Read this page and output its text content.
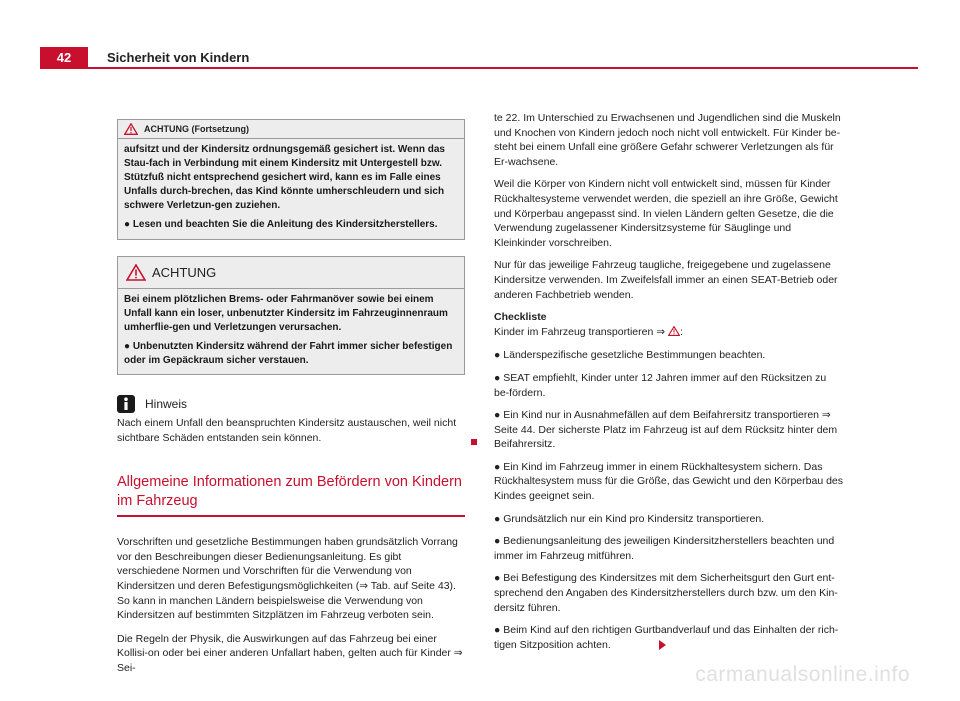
42	Sicherheit von Kindern
ACHTUNG (Fortsetzung)

aufsitzt und der Kindersitz ordnungsgemäß gesichert ist. Wenn das Stau-fach in Verbindung mit einem Kindersitz mit Untergestell bzw. Stützfuß nicht entsprechend gesichert wird, kann es im Falle eines Unfalls durch-brechen, das Kind könnte umherschleudern und sich schwere Verletzun-gen zuziehen.

● Lesen und beachten Sie die Anleitung des Kindersitzherstellers.

ACHTUNG

Bei einem plötzlichen Brems- oder Fahrmanöver sowie bei einem Unfall kann ein loser, unbenutzter Kindersitz im Fahrzeuginnenraum umherflie-gen und Verletzungen verursachen.

● Unbenutzten Kindersitz während der Fahrt immer sicher befestigen oder im Gepäckraum sicher verstauen.

Hinweis
Nach einem Unfall den beanspruchten Kindersitz austauschen, weil nicht sichtbare Schäden entstanden sein können.
Allgemeine Informationen zum Befördern von Kindern im Fahrzeug

Vorschriften und gesetzliche Bestimmungen haben grundsätzlich Vorrang vor den Beschreibungen dieser Bedienungsanleitung. Es gibt verschiedene Normen und Vorschriften für die Verwendung von Kindersitzen und deren Befestigungsmöglichkeiten (⇒ Tab. auf Seite 43). So kann in manchen Ländern beispielsweise die Verwendung von Kindersitzen auf bestimmten Sitzplätzen im Fahrzeug verboten sein.

Die Regeln der Physik, die Auswirkungen auf das Fahrzeug bei einer Kollisi-on oder bei einer anderen Unfallart haben, gelten auch für Kinder ⇒ Sei-

te 22. Im Unterschied zu Erwachsenen und Jugendlichen sind die Muskeln und Knochen von Kindern jedoch noch nicht voll entwickelt. Für Kinder be-steht bei einem Unfall eine größere Gefahr schwerer Verletzungen als für Er-wachsene.

Weil die Körper von Kindern nicht voll entwickelt sind, müssen für Kinder Rückhaltesysteme verwendet werden, die speziell an ihre Größe, Gewicht und Körperbau angepasst sind. In vielen Ländern gelten Gesetze, die die Verwendung zugelassener Kindersitzsysteme für Säuglinge und Kleinkinder vorschreiben.

Nur für das jeweilige Fahrzeug taugliche, freigegebene und zugelassene Kindersitze verwenden. Im Zweifelsfall immer an einen SEAT-Betrieb oder anderen Fachbetrieb wenden.

Checkliste

Kinder im Fahrzeug transportieren ⇒ :

● Länderspezifische gesetzliche Bestimmungen beachten.

● SEAT empfiehlt, Kinder unter 12 Jahren immer auf den Rücksitzen zu be-fördern.

● Ein Kind nur in Ausnahmefällen auf dem Beifahrersitz transportieren ⇒ Seite 44. Der sicherste Platz im Fahrzeug ist auf dem Rücksitz hinter dem Beifahrersitz.

● Ein Kind im Fahrzeug immer in einem Rückhaltesystem sichern. Das Rückhaltesystem muss für die Größe, das Gewicht und den Körperbau des Kindes geeignet sein.

● Grundsätzlich nur ein Kind pro Kindersitz transportieren.

● Bedienungsanleitung des jeweiligen Kindersitzherstellers beachten und immer im Fahrzeug mitführen.

● Bei Befestigung des Kindersitzes mit dem Sicherheitsgurt den Gurt ent-sprechend den Angaben des Kindersitzherstellers durch bzw. um den Kin-dersitz führen.

● Beim Kind auf den richtigen Gurtbandverlauf und das Einhalten der rich-tigen Sitzposition achten.

carmanualsonline.info
